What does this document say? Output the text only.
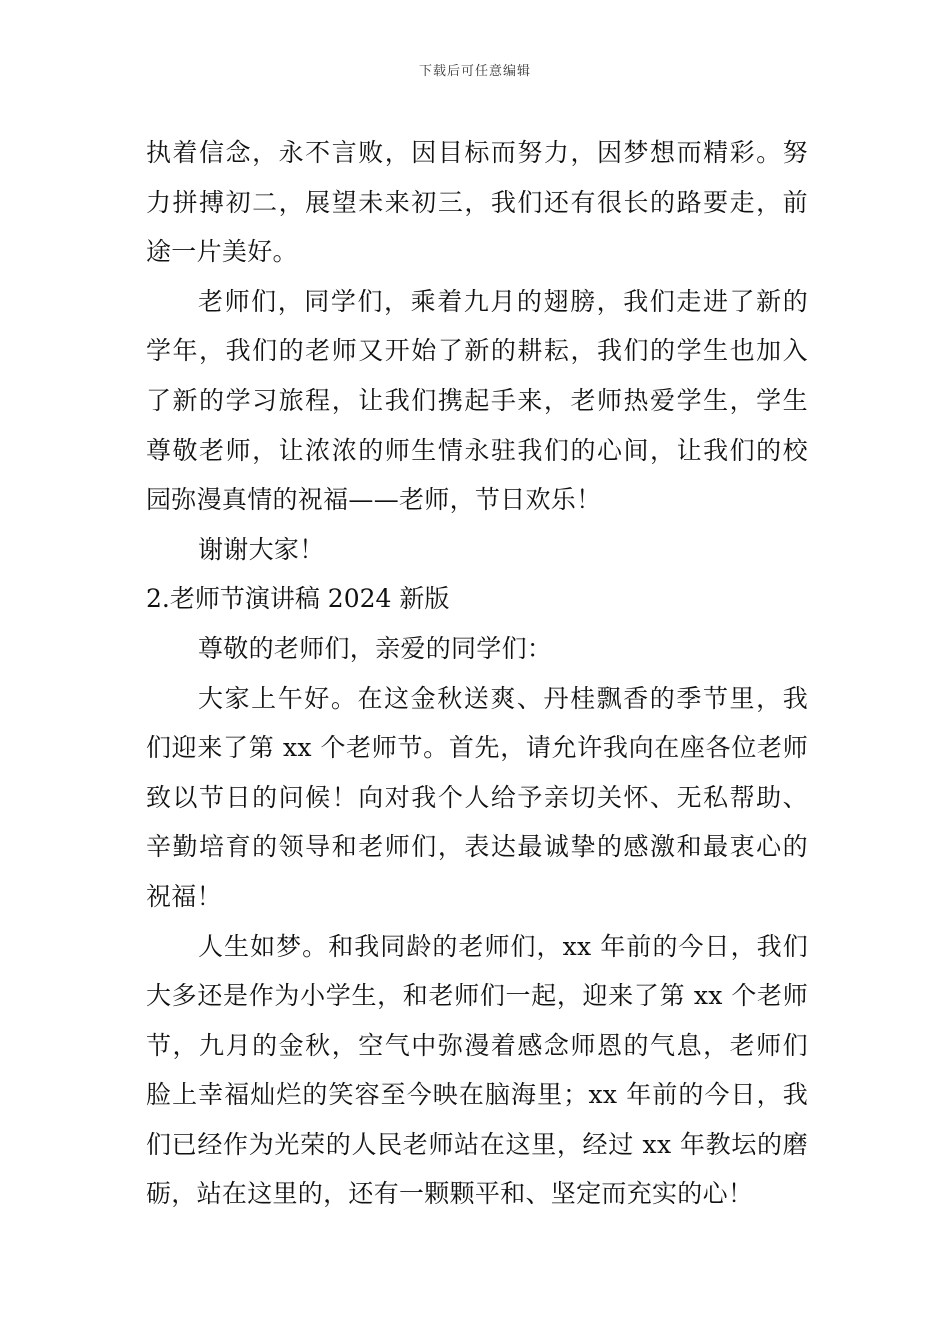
下载后可任意编辑
执着信念，永不言败，因目标而努力，因梦想而精彩。努
力拼搏初二，展望未来初三，我们还有很长的路要走，前
途一片美好。
老师们，同学们，乘着九月的翅膀，我们走进了新的
学年，我们的老师又开始了新的耕耘，我们的学生也加入
了新的学习旅程，让我们携起手来，老师热爱学生，学生
尊敬老师，让浓浓的师生情永驻我们的心间，让我们的校
园弥漫真情的祝福——老师，节日欢乐！
谢谢大家！
2.老师节演讲稿 2024 新版
尊敬的老师们，亲爱的同学们：
大家上午好。在这金秋送爽、丹桂飘香的季节里，我
们迎来了第 xx 个老师节。首先，请允许我向在座各位老师
致以节日的问候！向对我个人给予亲切关怀、无私帮助、
辛勤培育的领导和老师们，表达最诚挚的感激和最衷心的
祝福！
人生如梦。和我同龄的老师们，xx 年前的今日，我们
大多还是作为小学生，和老师们一起，迎来了第 xx 个老师
节，九月的金秋，空气中弥漫着感念师恩的气息，老师们
脸上幸福灿烂的笑容至今映在脑海里；xx 年前的今日，我
们已经作为光荣的人民老师站在这里，经过 xx 年教坛的磨
砺，站在这里的，还有一颗颗平和、坚定而充实的心！
